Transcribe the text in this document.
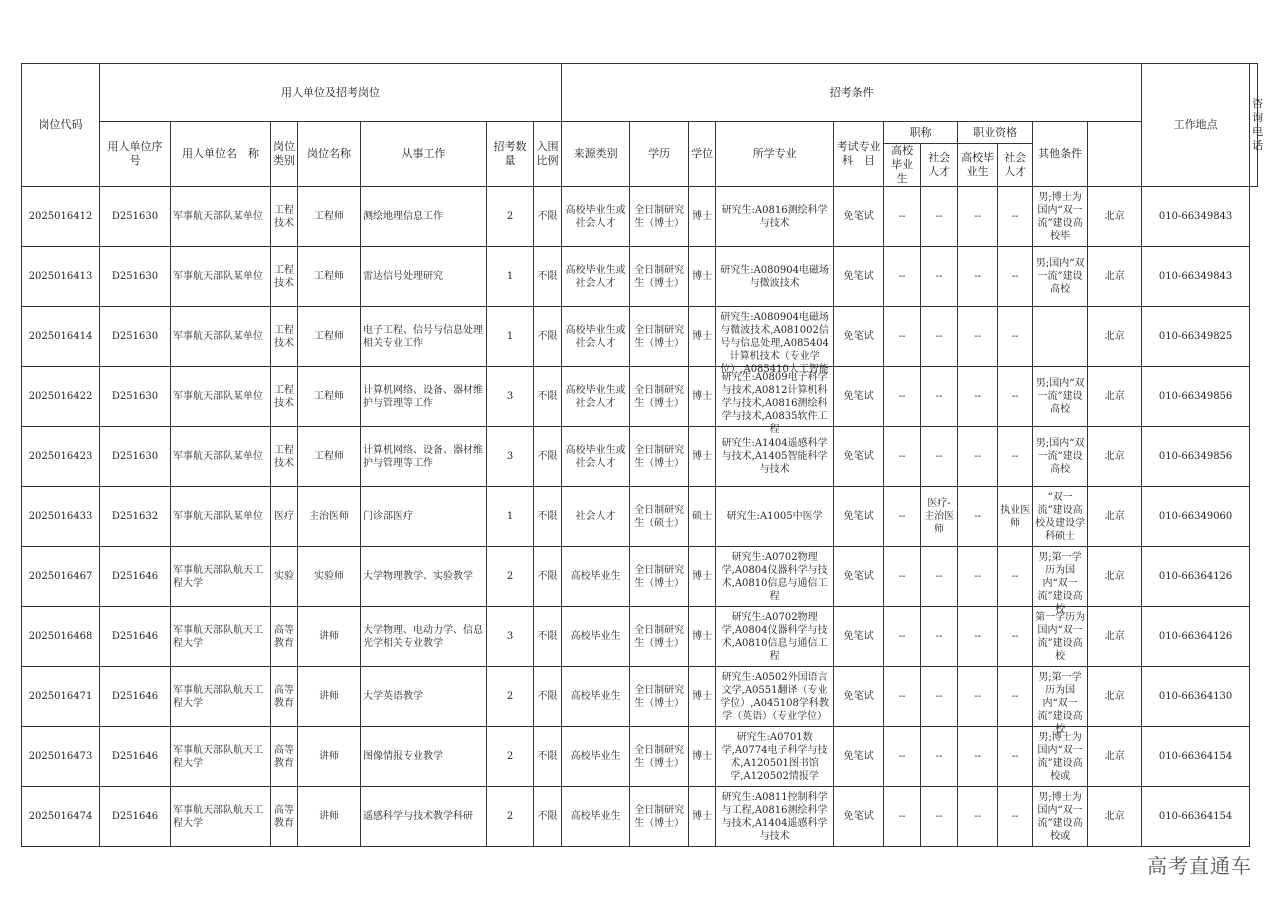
岗位代码	用人单位及招考岗位							招考条件											工作地点	咨询电话
	用人单位序　号	用人单位名　称	岗位类别	岗位名称	从事工作	招考数量	入围比例	来源类别	学历	学位	所学专业	考试专业科　目	职称		职业资格		其他条件			
													高校毕业生	社会人才	高校毕业生	社会人才				
2025016412	D251630	军事航天部队某单位	工程技术	工程师	测绘地理信息工作	2	不限	高校毕业生或社会人才	全日制研究生（博士）	博士	研究生:A0816测绘科学与技术	免笔试	--	--	--	--	男;博士为国内“双一流”建设高校毕	北京	010-66349843	
2025016413	D251630	军事航天部队某单位	工程技术	工程师	雷达信号处理研究	1	不限	高校毕业生或社会人才	全日制研究生（博士）	博士	研究生:A080904电磁场与微波技术	免笔试	--	--	--	--	男;国内“双一流”建设高校	北京	010-66349843	
2025016414	D251630	军事航天部队某单位	工程技术	工程师	电子工程、信号与信息处理相关专业工作	1	不限	高校毕业生或社会人才	全日制研究生（博士）	博士	研究生:A080904电磁场与微波技术,A081002信号与信息处理,A085404计算机技术（专业学位）,A085410人工智能	免笔试	--	--	--	--		北京	010-66349825	
2025016422	D251630	军事航天部队某单位	工程技术	工程师	计算机网络、设备、器材维护与管理等工作	3	不限	高校毕业生或社会人才	全日制研究生（博士）	博士	研究生:A0809电子科学与技术,A0812计算机科学与技术,A0816测绘科学与技术,A0835软件工程	免笔试	--	--	--	--	男;国内“双一流”建设高校	北京	010-66349856	
2025016423	D251630	军事航天部队某单位	工程技术	工程师	计算机网络、设备、器材维护与管理等工作	3	不限	高校毕业生或社会人才	全日制研究生（博士）	博士	研究生:A1404遥感科学与技术,A1405智能科学与技术	免笔试	--	--	--	--	男;国内“双一流”建设高校	北京	010-66349856	
2025016433	D251632	军事航天部队某单位	医疗	主治医师	门诊部医疗	1	不限	社会人才	全日制研究生（硕士）	硕士	研究生:A1005中医学	免笔试	--	医疗-主治医师	--	执业医师	“双一流”建设高校及建设学科硕士	北京	010-66349060	
2025016467	D251646	军事航天部队航天工程大学	实验	实验师	大学物理教学、实验教学	2	不限	高校毕业生	全日制研究生（博士）	博士	研究生:A0702物理学,A0804仪器科学与技术,A0810信息与通信工程	免笔试	--	--	--	--	男;第一学历为国内“双一流”建设高校	北京	010-66364126	
2025016468	D251646	军事航天部队航天工程大学	高等教育	讲师	大学物理、电动力学、信息光学相关专业教学	3	不限	高校毕业生	全日制研究生（博士）	博士	研究生:A0702物理学,A0804仪器科学与技术,A0810信息与通信工程	免笔试	--	--	--	--	第一学历为国内“双一流”建设高校	北京	010-66364126	
2025016471	D251646	军事航天部队航天工程大学	高等教育	讲师	大学英语教学	2	不限	高校毕业生	全日制研究生（博士）	博士	研究生:A0502外国语言文学,A0551翻译（专业学位）,A045108学科教学（英语）（专业学位）	免笔试	--	--	--	--	男;第一学历为国内“双一流”建设高校	北京	010-66364130	
2025016473	D251646	军事航天部队航天工程大学	高等教育	讲师	图像情报专业教学	2	不限	高校毕业生	全日制研究生（博士）	博士	研究生:A0701数学,A0774电子科学与技术,A120501图书馆学,A120502情报学	免笔试	--	--	--	--	男;博士为国内“双一流”建设高校或	北京	010-66364154	
2025016474	D251646	军事航天部队航天工程大学	高等教育	讲师	遥感科学与技术教学科研	2	不限	高校毕业生	全日制研究生（博士）	博士	研究生:A0811控制科学与工程,A0816测绘科学与技术,A1404遥感科学与技术	免笔试	--	--	--	--	男;博士为国内“双一流”建设高校或	北京	010-66364154	
高考直通车
